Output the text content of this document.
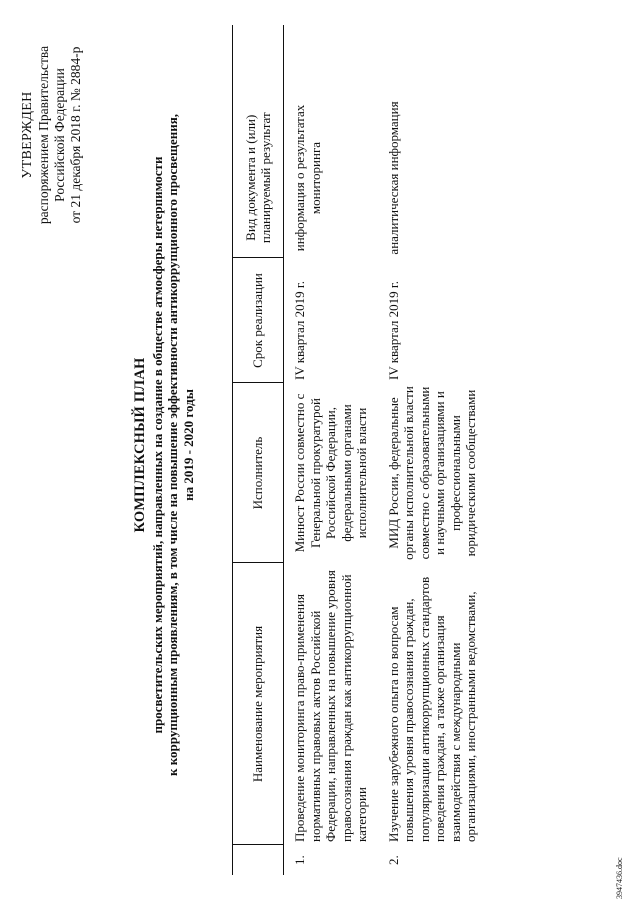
УТВЕРЖДЕН распоряжением Правительства Российской Федерации от 21 декабря 2018 г. № 2884-р
КОМПЛЕКСНЫЙ ПЛАН просветительских мероприятий, направленных на создание в обществе атмосферы нетерпимости к коррупционным проявлениям, в том числе на повышение эффективности антикоррупционного просвещения, на 2019 - 2020 годы
	Наименование мероприятия	Исполнитель	Срок реализации	Вид документа и (или) планируемый результат	

1.	Проведение мониторинга право-применения нормативных правовых актов Российской Федерации, направленных на повышение уровня правосознания граждан как антикоррупционной категории	Минюст России совместно с Генеральной прокуратурой Российской Федерации, федеральными органами исполнительной власти	IV квартал 2019 г.	информация о результатах мониторинга	
2.	Изучение зарубежного опыта по вопросам повышения уровня правосознания граждан, популяризации антикоррупционных стандартов поведения граждан, а также организация взаимодействия с международными организациями, иностранными ведомствами,	МИД России, федеральные органы исполнительной власти совместно с образовательными и научными организациями и профессиональными юридическими сообществами	IV квартал 2019 г.	аналитическая информация	
3947436.doc
